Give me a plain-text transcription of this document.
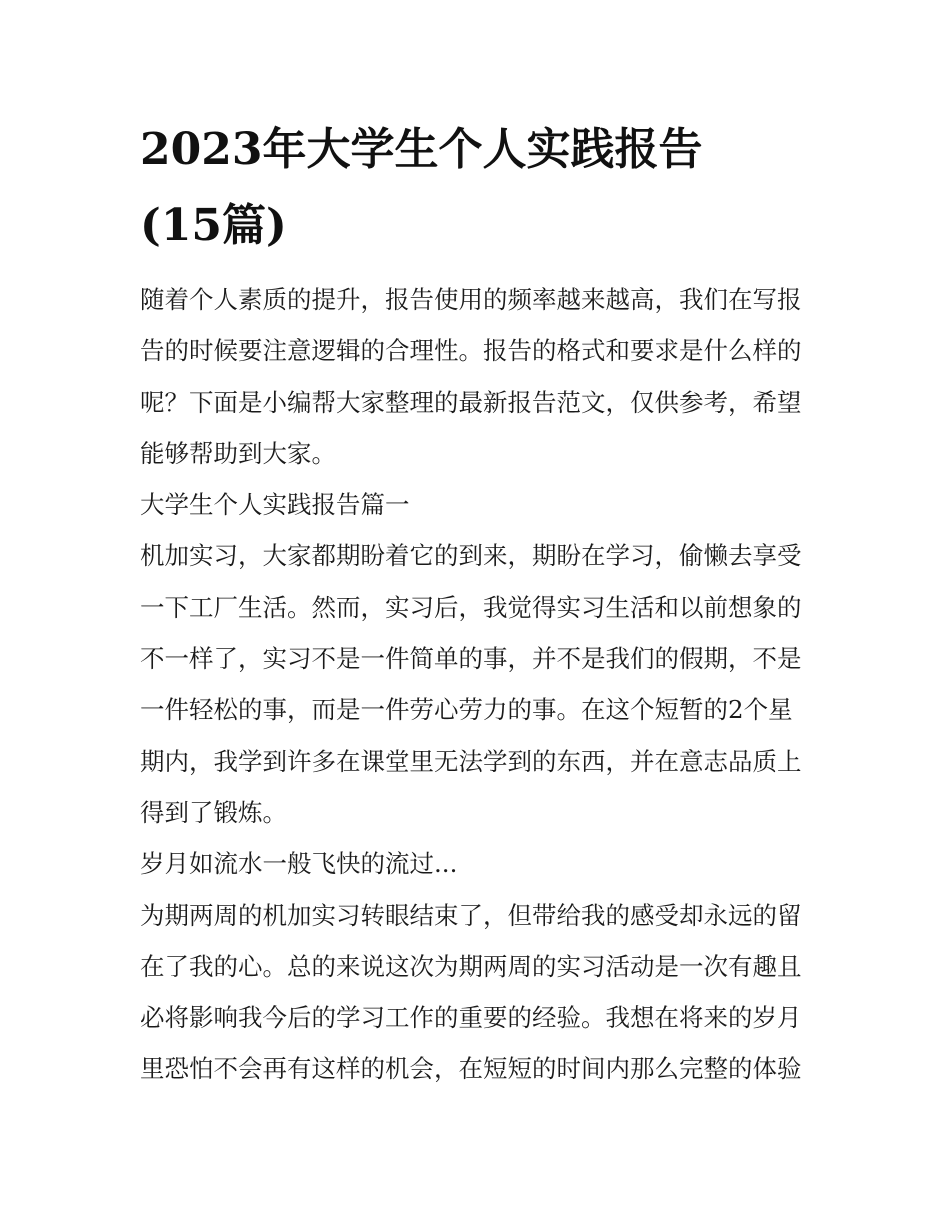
2023年大学生个人实践报告
(15篇)
随着个人素质的提升，报告使用的频率越来越高，我们在写报
告的时候要注意逻辑的合理性。报告的格式和要求是什么样的
呢？下面是小编帮大家整理的最新报告范文，仅供参考，希望
能够帮助到大家。
大学生个人实践报告篇一
机加实习，大家都期盼着它的到来，期盼在学习，偷懒去享受
一下工厂生活。然而，实习后，我觉得实习生活和以前想象的
不一样了，实习不是一件简单的事，并不是我们的假期，不是
一件轻松的事，而是一件劳心劳力的事。在这个短暂的2个星
期内，我学到许多在课堂里无法学到的东西，并在意志品质上
得到了锻炼。
岁月如流水一般飞快的流过...
为期两周的机加实习转眼结束了，但带给我的感受却永远的留
在了我的心。总的来说这次为期两周的实习活动是一次有趣且
必将影响我今后的学习工作的重要的经验。我想在将来的岁月
里恐怕不会再有这样的机会，在短短的时间内那么完整的体验
